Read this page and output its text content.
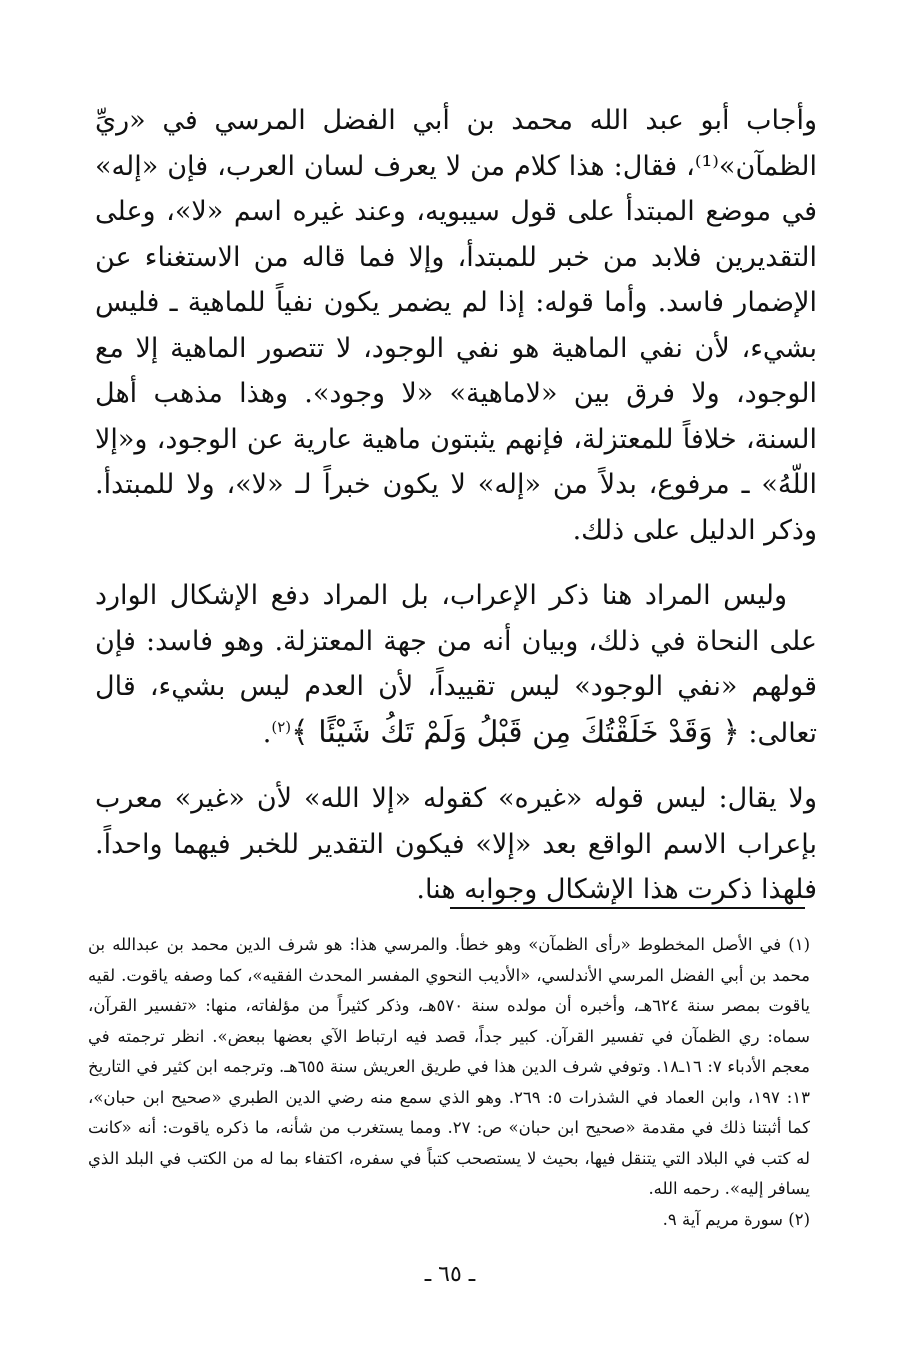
وأجاب أبو عبد الله محمد بن أبي الفضل المرسي في «ريِّ الظمآن»⁽¹⁾، فقال: هذا كلام من لا يعرف لسان العرب، فإن «إله» في موضع المبتدأ على قول سيبويه، وعند غيره اسم «لا»، وعلى التقديرين فلابد من خبر للمبتدأ، وإلا فما قاله من الاستغناء عن الإضمار فاسد. وأما قوله: إذا لم يضمر يكون نفياً للماهية ـ فليس بشيء، لأن نفي الماهية هو نفي الوجود، لا تتصور الماهية إلا مع الوجود، ولا فرق بين «لاماهية» «لا وجود». وهذا مذهب أهل السنة، خلافاً للمعتزلة، فإنهم يثبتون ماهية عارية عن الوجود، و«إلا اللّهُ» ـ مرفوع، بدلاً من «إله» لا يكون خبراً لـ «لا»، ولا للمبتدأ. وذكر الدليل على ذلك.

وليس المراد هنا ذكر الإعراب، بل المراد دفع الإشكال الوارد على النحاة في ذلك، وبيان أنه من جهة المعتزلة. وهو فاسد: فإن قولهم «نفي الوجود» ليس تقييداً، لأن العدم ليس بشيء، قال تعالى: ﴿ وَقَدْ خَلَقْتُكَ مِن قَبْلُ وَلَمْ تَكُ شَيْئًا ﴾$^{(٢)}$.

ولا يقال: ليس قوله «غيره» كقوله «إلا الله» لأن «غير» معرب بإعراب الاسم الواقع بعد «إلا» فيكون التقدير للخبر فيهما واحداً. فلهذا ذكرت هذا الإشكال وجوابه هنا.

(١) في الأصل المخطوط «رأى الظمآن» وهو خطأ. والمرسي هذا: هو شرف الدين محمد بن عبدالله بن محمد بن أبي الفضل المرسي الأندلسي، «الأديب النحوي المفسر المحدث الفقيه»، كما وصفه ياقوت. لقيه ياقوت بمصر سنة ٦٢٤هـ، وأخبره أن مولده سنة ٥٧٠هـ، وذكر كثيراً من مؤلفاته، منها: «تفسير القرآن، سماه: ري الظمآن في تفسير القرآن. كبير جداً، قصد فيه ارتباط الآي بعضها ببعض». انظر ترجمته في معجم الأدباء ٧: ١٦ـ١٨. وتوفي شرف الدين هذا في طريق العريش سنة ٦٥٥هـ. وترجمه ابن كثير في التاريخ ١٣: ١٩٧، وابن العماد في الشذرات ٥: ٢٦٩. وهو الذي سمع منه رضي الدين الطبري «صحيح ابن حبان»، كما أثبتنا ذلك في مقدمة «صحيح ابن حبان» ص: ٢٧. ومما يستغرب من شأنه، ما ذكره ياقوت: أنه «كانت له كتب في البلاد التي يتنقل فيها، بحيث لا يستصحب كتباً في سفره، اكتفاء بما له من الكتب في البلد الذي يسافر إليه». رحمه الله.

(٢) سورة مريم آية ٩.

ـ ٦٥ ـ
